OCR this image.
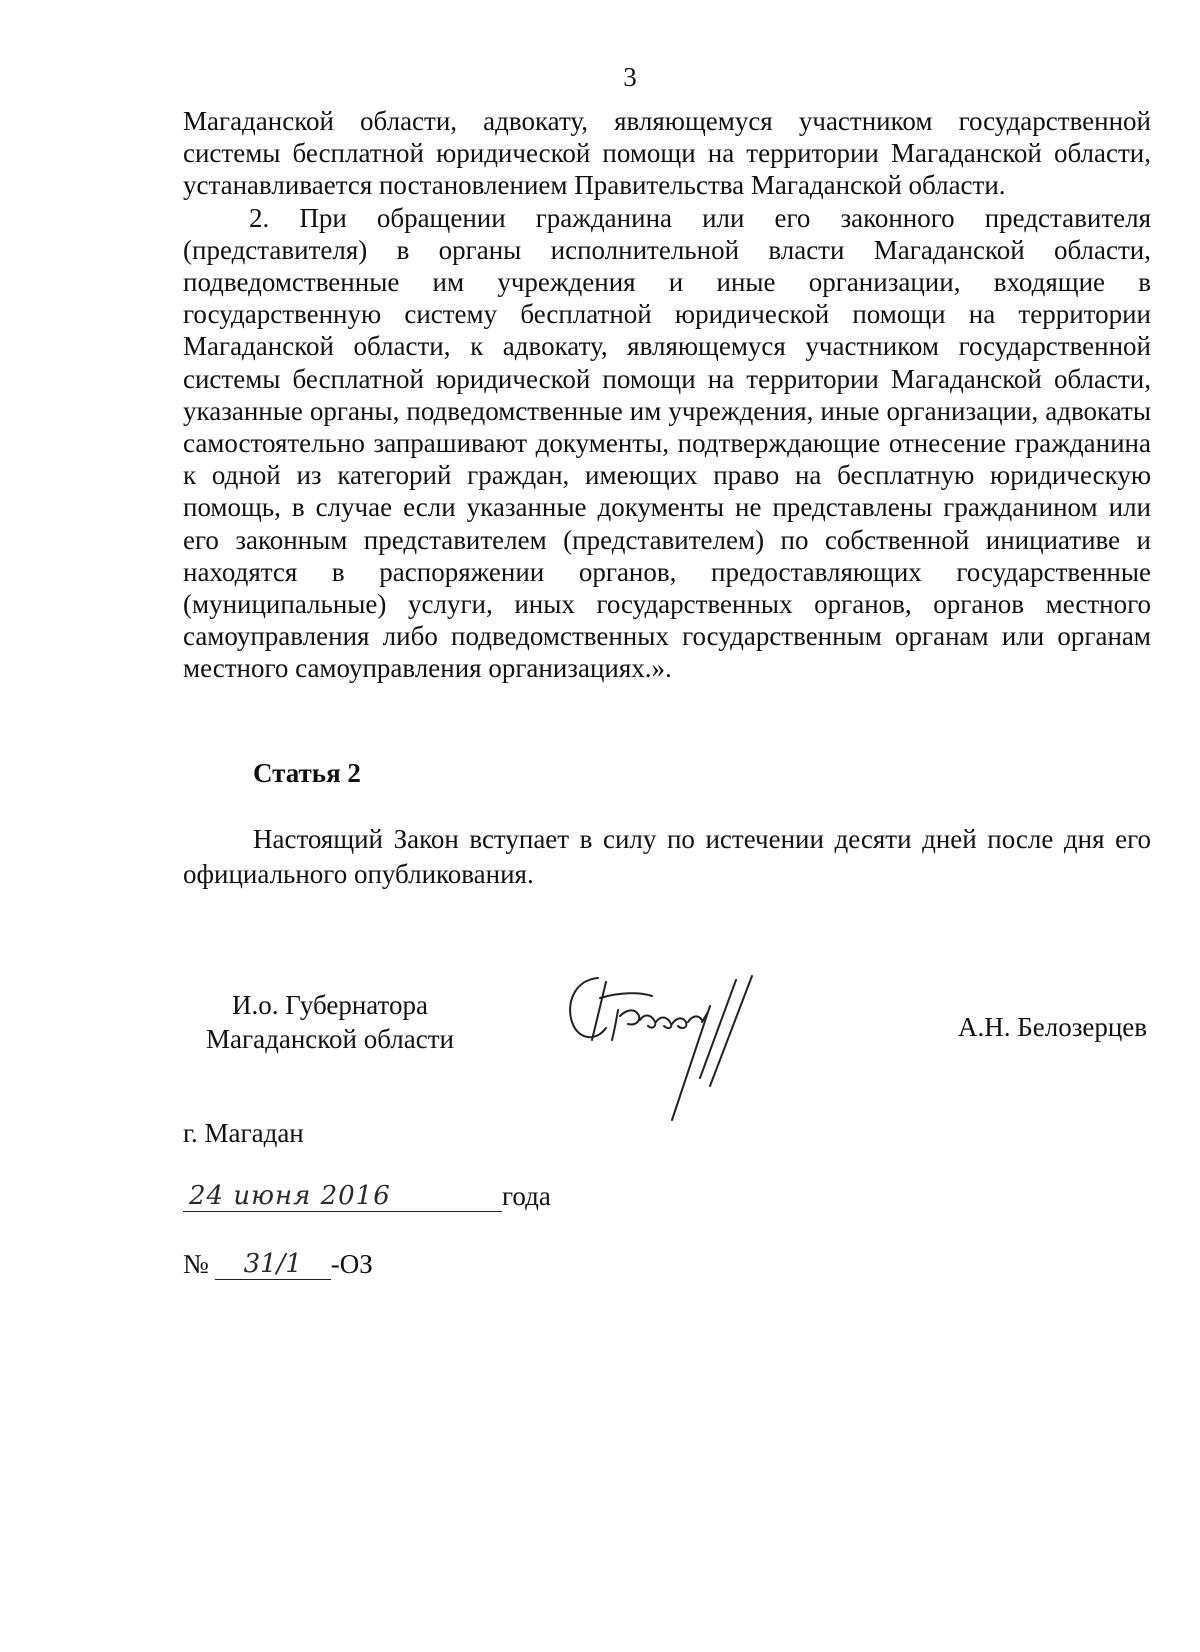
3

Магаданской области, адвокату, являющемуся участником государственной системы бесплатной юридической помощи на территории Магаданской области, устанавливается постановлением Правительства Магаданской области.

2. При обращении гражданина или его законного представителя (представителя) в органы исполнительной власти Магаданской области, подведомственные им учреждения и иные организации, входящие в государственную систему бесплатной юридической помощи на территории Магаданской области, к адвокату, являющемуся участником государственной системы бесплатной юридической помощи на территории Магаданской области, указанные органы, подведомственные им учреждения, иные организации, адвокаты самостоятельно запрашивают документы, подтверждающие отнесение гражданина к одной из категорий граждан, имеющих право на бесплатную юридическую помощь, в случае если указанные документы не представлены гражданином или его законным представителем (представителем) по собственной инициативе и находятся в распоряжении органов, предоставляющих государственные (муниципальные) услуги, иных государственных органов, органов местного самоуправления либо подведомственных государственным органам или органам местного самоуправления организациях.».

Статья 2
Настоящий Закон вступает в силу по истечении десяти дней после дня его официального опубликования.
И.о. Губернатора
Магаданской области	А.Н. Белозерцев
г. Магадан
24 июня 2016	года
№	31/1	-ОЗ
